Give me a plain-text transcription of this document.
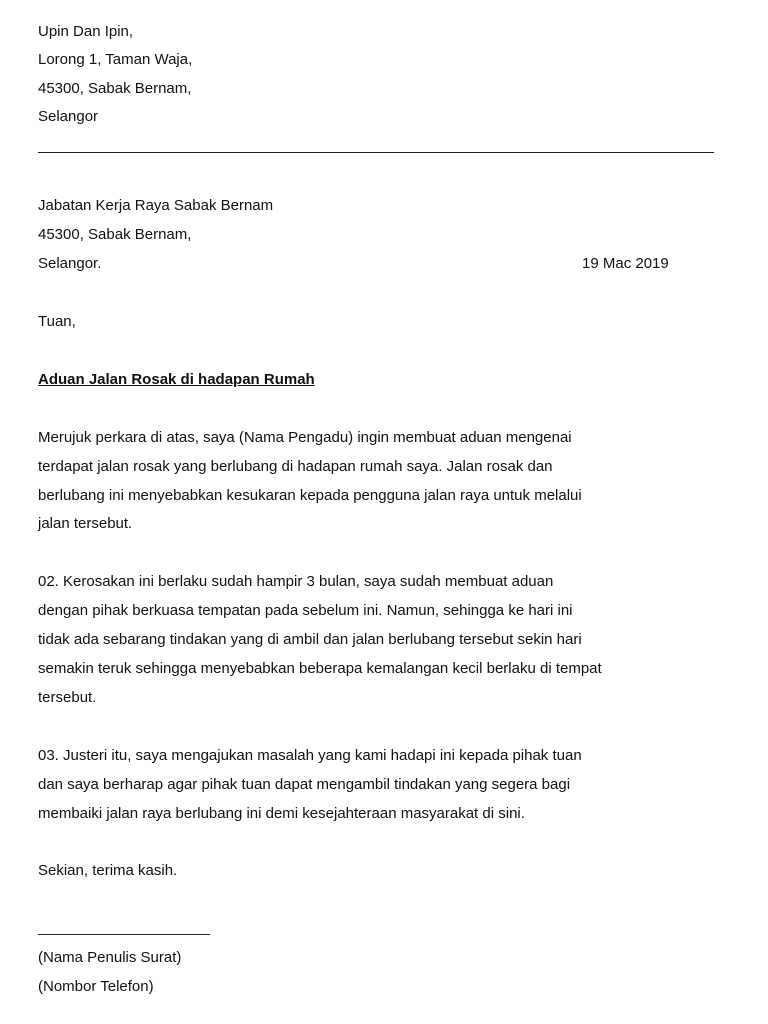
Upin Dan Ipin,
Lorong 1, Taman Waja,
45300, Sabak Bernam,
Selangor
Jabatan Kerja Raya Sabak Bernam
45300, Sabak Bernam,
Selangor.	19 Mac 2019
Tuan,
Aduan Jalan Rosak di hadapan Rumah
Merujuk perkara di atas, saya (Nama Pengadu) ingin membuat aduan mengenai
terdapat jalan rosak yang berlubang di hadapan rumah saya. Jalan rosak dan
berlubang ini menyebabkan kesukaran kepada pengguna jalan raya untuk melalui
jalan tersebut.
02. Kerosakan ini berlaku sudah hampir 3 bulan, saya sudah membuat aduan
dengan pihak berkuasa tempatan pada sebelum ini. Namun, sehingga ke hari ini
tidak ada sebarang tindakan yang di ambil dan jalan berlubang tersebut sekin hari
semakin teruk sehingga menyebabkan beberapa kemalangan kecil berlaku di tempat
tersebut.
03. Justeri itu, saya mengajukan masalah yang kami hadapi ini kepada pihak tuan
dan saya berharap agar pihak tuan dapat mengambil tindakan yang segera bagi
membaiki jalan raya berlubang ini demi kesejahteraan masyarakat di sini.
Sekian, terima kasih.
(Nama Penulis Surat)
(Nombor Telefon)
